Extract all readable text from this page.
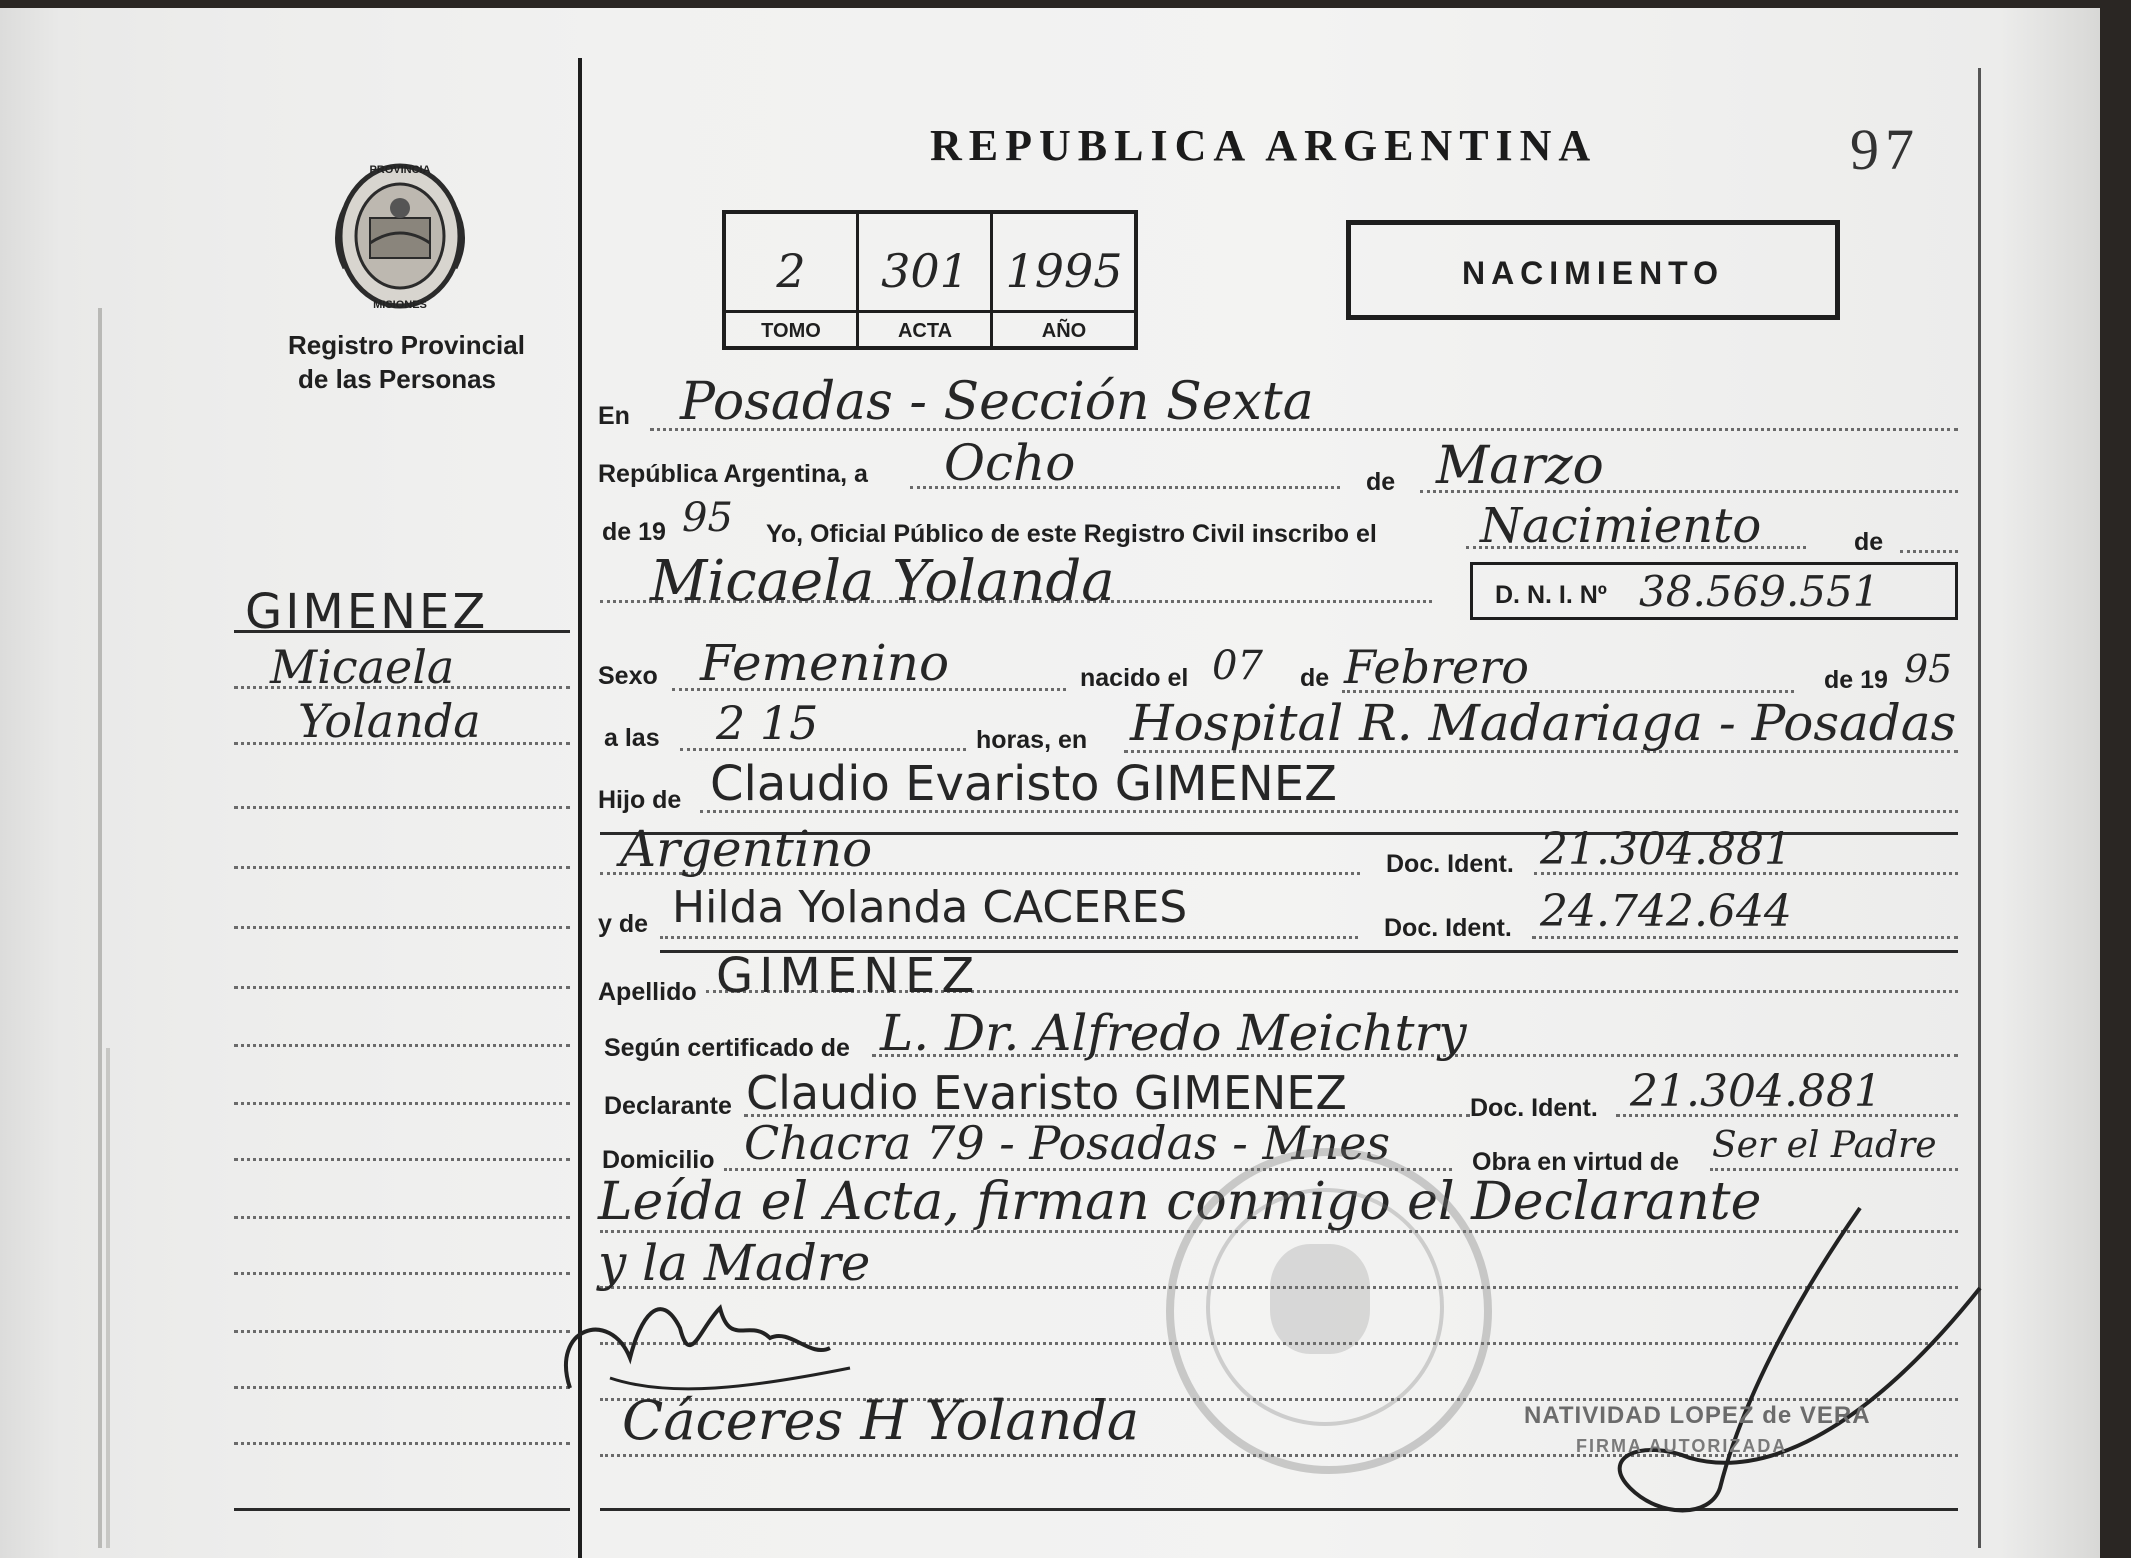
PROVINCIA
MISIONES
Registro Provincial
de las Personas
REPUBLICA ARGENTINA	97
2	301 1995
TOMO	ACTA	AÑO
NACIMIENTO
GIMENEZ
Micaela
Yolanda
En Posadas - Sección Sexta
República Argentina, a Ocho	de Marzo
de 19 95 Yo, Oficial Público de este Registro Civil inscribo el Nacimiento	de
Micaela Yolanda	D. N. I. Nº 38.569.551
Sexo Femenino	nacido el 07 de Febrero	de 19 95
a las 2 15	horas, en Hospital R. Madariaga - Posadas
Hijo de Claudio Evaristo GIMENEZ
Argentino	Doc. Ident. 21.304.881
y de Hilda Yolanda CACERES	Doc. Ident. 24.742.644
Apellido GIMENEZ
Según certificado de L. Dr. Alfredo Meichtry
Declarante Claudio Evaristo GIMENEZ	Doc. Ident. 21.304.881
Domicilio Chacra 79 - Posadas - Mnes	Obra en virtud de Ser el Padre
Leída el Acta, firman conmigo el Declarante
y la Madre
Cáceres H Yolanda	NATIVIDAD LOPEZ de VERA
FIRMA AUTORIZADA
